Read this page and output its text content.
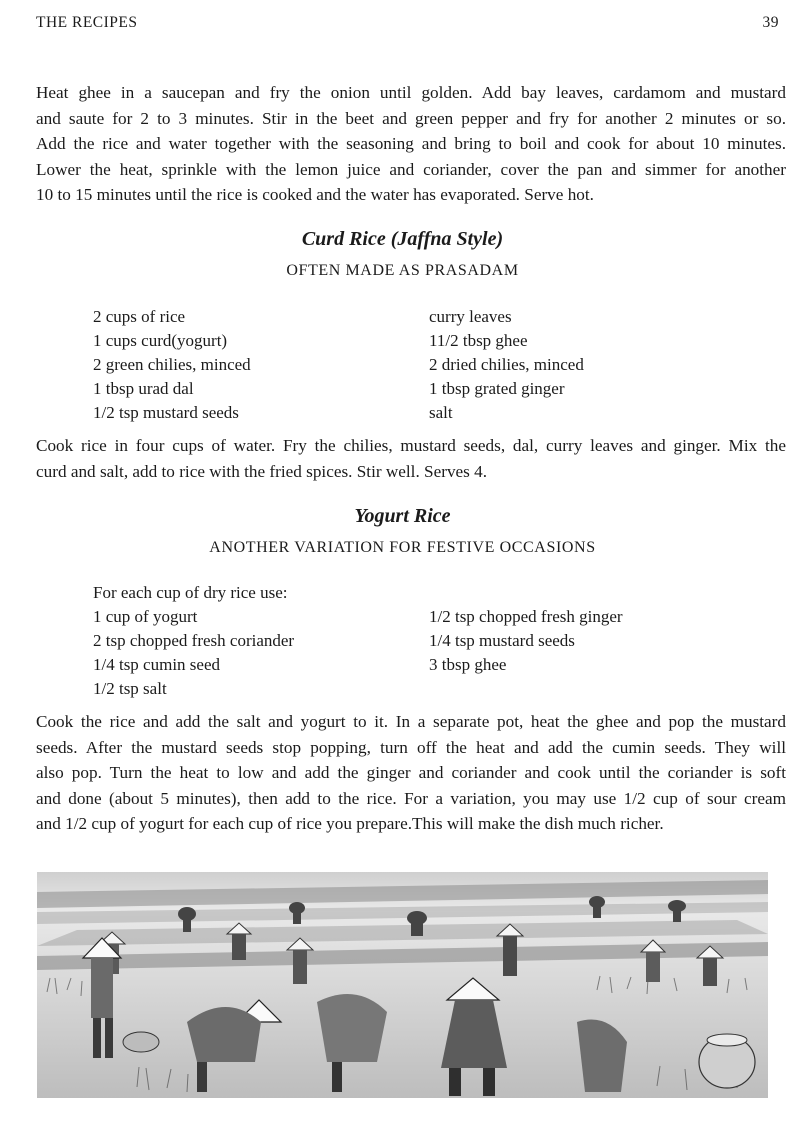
THE RECIPES	39

Heat ghee in a saucepan and fry the onion until golden. Add bay leaves, cardamom and mustard
and saute for 2 to 3 minutes. Stir in the beet and green pepper and fry for another 2 minutes or so.
Add the rice and water together with the seasoning and bring to boil and cook for about 10 minutes.
Lower the heat, sprinkle with the lemon juice and coriander, cover the pan and simmer for another
10 to 15 minutes until the rice is cooked and the water has evaporated. Serve hot.

Curd Rice (Jaffna Style)
OFTEN MADE AS PRASADAM
2 cups of rice
1 cups curd(yogurt)
2 green chilies, minced
1 tbsp urad dal
1/2 tsp mustard seeds
curry leaves
11/2 tbsp ghee
2 dried chilies, minced
1 tbsp grated ginger
salt

Cook rice in four cups of water. Fry the chilies, mustard seeds, dal, curry leaves and ginger. Mix the
curd and salt, add to rice with the fried spices. Stir well. Serves 4.

Yogurt Rice
ANOTHER VARIATION FOR FESTIVE OCCASIONS
For each cup of dry rice use:
1 cup of yogurt
2 tsp chopped fresh coriander
1/4 tsp cumin seed
1/2 tsp salt
1/2 tsp chopped fresh ginger
1/4 tsp mustard seeds
3 tbsp ghee

Cook the rice and add the salt and yogurt to it. In a separate pot, heat the ghee and pop the mustard
seeds. After the mustard seeds stop popping, turn off the heat and add the cumin seeds. They will
also pop. Turn the heat to low and add the ginger and coriander and cook until the coriander is soft
and done (about 5 minutes), then add to the rice. For a variation, you may use 1/2 cup of sour cream
and 1/2 cup of yogurt for each cup of rice you prepare.This will make the dish much richer.
